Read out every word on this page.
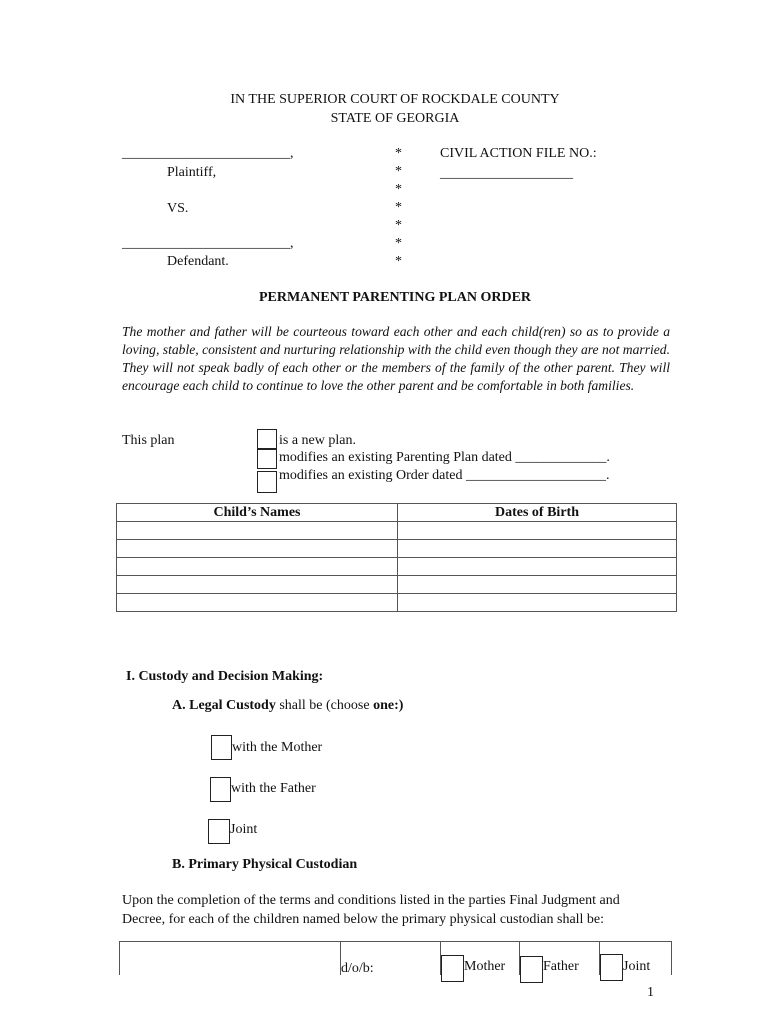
IN THE SUPERIOR COURT OF ROCKDALE COUNTY
STATE OF GEORGIA
________________________,
Plaintiff,
VS.
________________________,
Defendant.
*
*
*
*
*
*
*
CIVIL ACTION FILE NO.:
___________________
PERMANENT PARENTING PLAN ORDER
The mother and father will be courteous toward each other and each child(ren) so as to provide a loving, stable, consistent and nurturing relationship with the child even though they are not married. They will not speak badly of each other or the members of the family of the other parent. They will encourage each child to continue to love the other parent and be comfortable in both families.
This plan	is a new plan.
modifies an existing Parenting Plan dated _____________.
modifies an existing Order dated ____________________.
Child’s Names	Dates of Birth

I. Custody and Decision Making:
A. Legal Custody shall be (choose one:)
with the Mother
with the Father
Joint
B. Primary Physical Custodian
Upon the completion of the terms and conditions listed in the parties Final Judgment and
Decree, for each of the children named below the primary physical custodian shall be:
d/o/b:	Mother	Father	Joint
1
